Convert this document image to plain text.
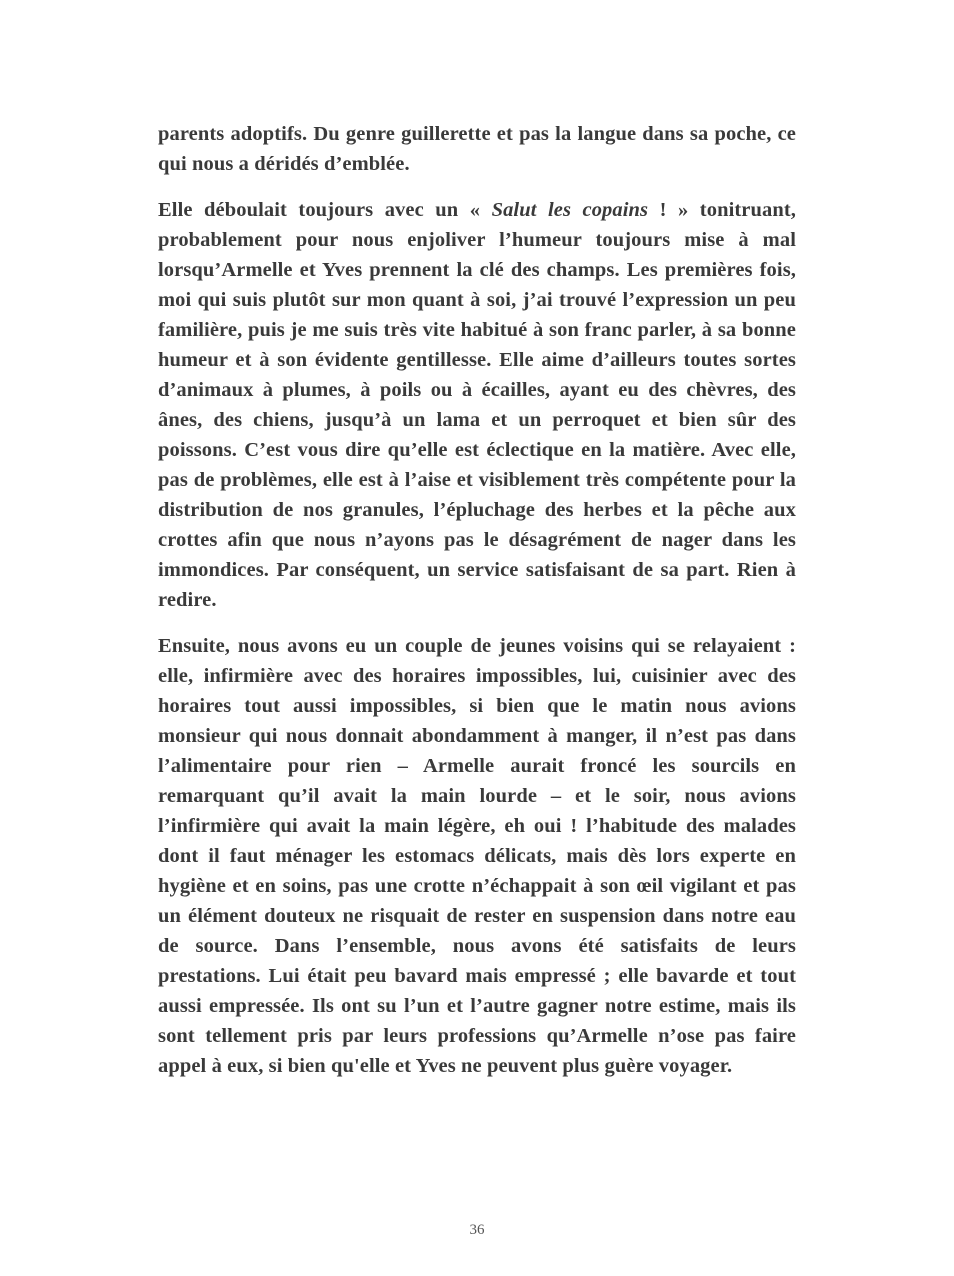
parents adoptifs. Du genre guillerette et pas la langue dans sa poche, ce qui nous a déridés d’emblée.

Elle déboulait toujours avec un « Salut les copains ! » tonitruant, probablement pour nous enjoliver l’humeur toujours mise à mal lorsqu’Armelle et Yves prennent la clé des champs. Les premières fois, moi qui suis plutôt sur mon quant à soi, j’ai trouvé l’expression un peu familière, puis je me suis très vite habitué à son franc parler, à sa bonne humeur et à son évidente gentillesse. Elle aime d’ailleurs toutes sortes d’animaux à plumes, à poils ou à écailles, ayant eu des chèvres, des ânes, des chiens, jusqu’à un lama et un perroquet et bien sûr des poissons. C’est vous dire qu’elle est éclectique en la matière. Avec elle, pas de problèmes, elle est à l’aise et visiblement très compétente pour la distribution de nos granules, l’épluchage des herbes et la pêche aux crottes afin que nous n’ayons pas le désagrément de nager dans les immondices. Par conséquent, un service satisfaisant de sa part. Rien à redire.

Ensuite, nous avons eu un couple de jeunes voisins qui se relayaient : elle, infirmière avec des horaires impossibles, lui, cuisinier avec des horaires tout aussi impossibles, si bien que le matin nous avions monsieur qui nous donnait abondamment à manger, il n’est pas dans l’alimentaire pour rien – Armelle aurait froncé les sourcils en remarquant qu’il avait la main lourde – et le soir, nous avions l’infirmière qui avait la main légère, eh oui ! l’habitude des malades dont il faut ménager les estomacs délicats, mais dès lors experte en hygiène et en soins, pas une crotte n’échappait à son œil vigilant et pas un élément douteux ne risquait de rester en suspension dans notre eau de source. Dans l’ensemble, nous avons été satisfaits de leurs prestations. Lui était peu bavard mais empressé ; elle bavarde et tout aussi empressée. Ils ont su l’un et l’autre gagner notre estime, mais ils sont tellement pris par leurs professions qu’Armelle n’ose pas faire appel à eux, si bien qu'elle et Yves ne peuvent plus guère voyager.

36
